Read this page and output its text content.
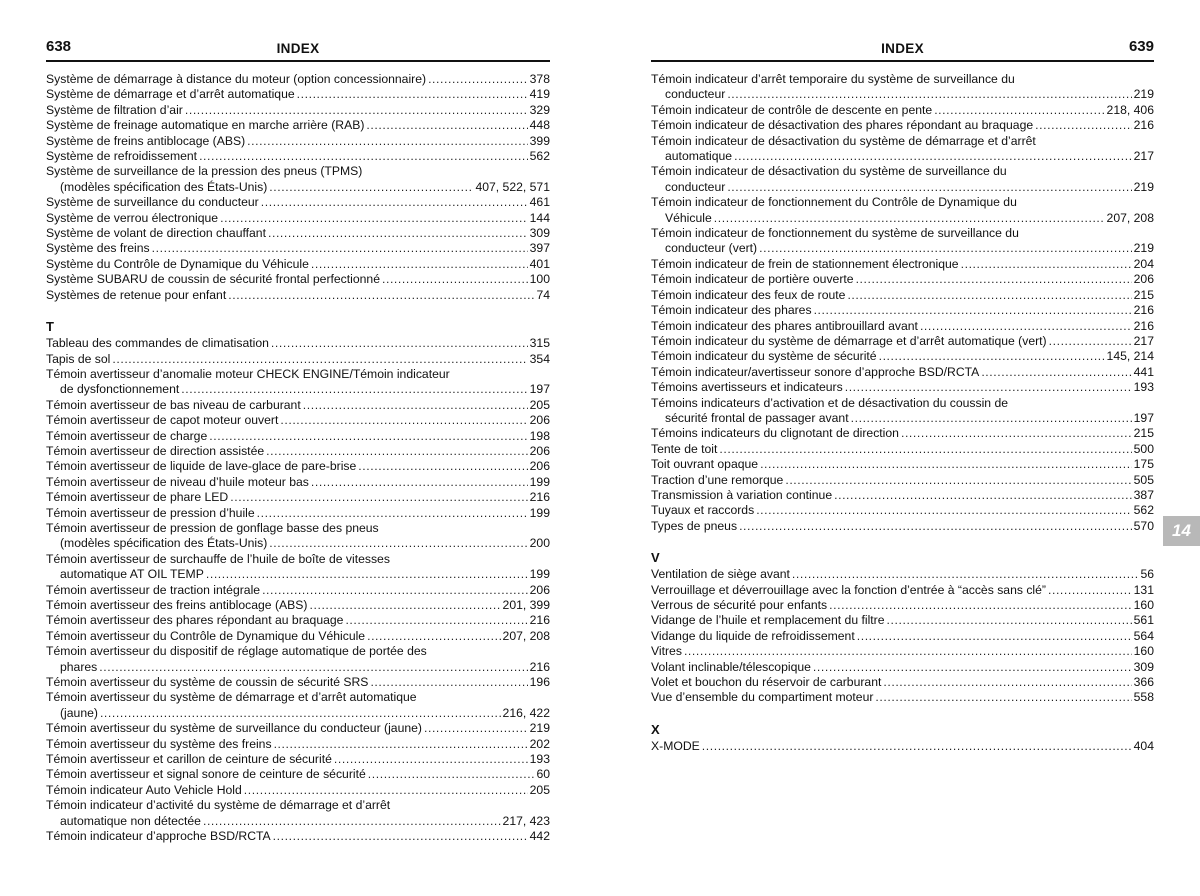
638	INDEX
Système de démarrage à distance du moteur (option concessionnaire) .....	378
Système de démarrage et d’arrêt automatique .....	419
Système de filtration d’air .....	329
Système de freinage automatique en marche arrière (RAB) .....	448
Système de freins antiblocage (ABS) .....	399
Système de refroidissement .....	562
Système de surveillance de la pression des pneus (TPMS)
(modèles spécification des États-Unis) .....	407, 522, 571
Système de surveillance du conducteur .....	461
Système de verrou électronique .....	144
Système de volant de direction chauffant .....	309
Système des freins .....	397
Système du Contrôle de Dynamique du Véhicule .....	401
Système SUBARU de coussin de sécurité frontal perfectionné .....	100
Systèmes de retenue pour enfant .....	74
T
Tableau des commandes de climatisation .....	315
Tapis de sol .....	354
Témoin avertisseur d’anomalie moteur CHECK ENGINE/Témoin indicateur
de dysfonctionnement .....	197
Témoin avertisseur de bas niveau de carburant .....	205
Témoin avertisseur de capot moteur ouvert .....	206
Témoin avertisseur de charge .....	198
Témoin avertisseur de direction assistée .....	206
Témoin avertisseur de liquide de lave-glace de pare-brise .....	206
Témoin avertisseur de niveau d’huile moteur bas .....	199
Témoin avertisseur de phare LED .....	216
Témoin avertisseur de pression d’huile .....	199
Témoin avertisseur de pression de gonflage basse des pneus
(modèles spécification des États-Unis) .....	200
Témoin avertisseur de surchauffe de l’huile de boîte de vitesses
automatique AT OIL TEMP .....	199
Témoin avertisseur de traction intégrale .....	206
Témoin avertisseur des freins antiblocage (ABS) .....	201, 399
Témoin avertisseur des phares répondant au braquage .....	216
Témoin avertisseur du Contrôle de Dynamique du Véhicule .....	207, 208
Témoin avertisseur du dispositif de réglage automatique de portée des
phares .....	216
Témoin avertisseur du système de coussin de sécurité SRS .....	196
Témoin avertisseur du système de démarrage et d’arrêt automatique
(jaune) .....	216, 422
Témoin avertisseur du système de surveillance du conducteur (jaune) .....	219
Témoin avertisseur du système des freins .....	202
Témoin avertisseur et carillon de ceinture de sécurité .....	193
Témoin avertisseur et signal sonore de ceinture de sécurité .....	60
Témoin indicateur Auto Vehicle Hold .....	205
Témoin indicateur d’activité du système de démarrage et d’arrêt
automatique non détectée .....	217, 423
Témoin indicateur d’approche BSD/RCTA .....	442
INDEX	639
Témoin indicateur d’arrêt temporaire du système de surveillance du
conducteur .....	219
Témoin indicateur de contrôle de descente en pente .....	218, 406
Témoin indicateur de désactivation des phares répondant au braquage .....	216
Témoin indicateur de désactivation du système de démarrage et d’arrêt
automatique .....	217
Témoin indicateur de désactivation du système de surveillance du
conducteur .....	219
Témoin indicateur de fonctionnement du Contrôle de Dynamique du
Véhicule .....	207, 208
Témoin indicateur de fonctionnement du système de surveillance du
conducteur (vert) .....	219
Témoin indicateur de frein de stationnement électronique .....	204
Témoin indicateur de portière ouverte .....	206
Témoin indicateur des feux de route .....	215
Témoin indicateur des phares .....	216
Témoin indicateur des phares antibrouillard avant .....	216
Témoin indicateur du système de démarrage et d’arrêt automatique (vert) .....	217
Témoin indicateur du système de sécurité .....	145, 214
Témoin indicateur/avertisseur sonore d’approche BSD/RCTA .....	441
Témoins avertisseurs et indicateurs .....	193
Témoins indicateurs d’activation et de désactivation du coussin de
sécurité frontal de passager avant .....	197
Témoins indicateurs du clignotant de direction .....	215
Tente de toit .....	500
Toit ouvrant opaque .....	175
Traction d’une remorque .....	505
Transmission à variation continue .....	387
Tuyaux et raccords .....	562
Types de pneus .....	570
V
Ventilation de siège avant .....	56
Verrouillage et déverrouillage avec la fonction d’entrée à “accès sans clé” .....	131
Verrous de sécurité pour enfants .....	160
Vidange de l’huile et remplacement du filtre .....	561
Vidange du liquide de refroidissement .....	564
Vitres .....	160
Volant inclinable/télescopique .....	309
Volet et bouchon du réservoir de carburant .....	366
Vue d’ensemble du compartiment moteur .....	558
X
X-MODE .....	404
14
